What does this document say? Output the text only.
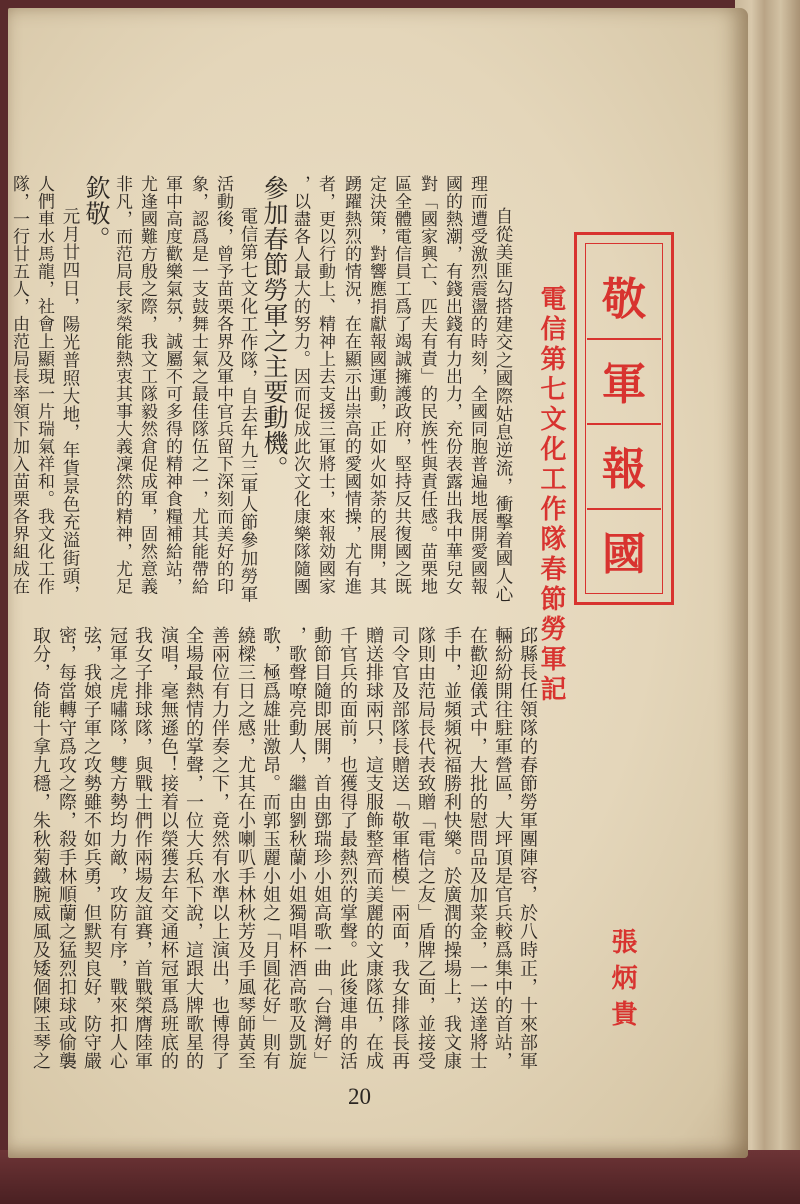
敬
軍
報
國
電信第七文化工作隊春節勞軍記
張炳貴
自從美匪勾搭建交之國際姑息逆流，衝擊着國人心
理而遭受激烈震盪的時刻，全國同胞普遍地展開愛國報
國的熱潮，有錢出錢有力出力，充份表露出我中華兒女
對「國家興亡、匹夫有責」的民族性與責任感。苗栗地
區全體電信員工爲了竭誠擁護政府，堅持反共復國之既
定決策，對響應捐獻報國運動，正如火如荼的展開，其
踴躍熱烈的情況，在在顯示出崇高的愛國情操，尤有進
者，更以行動上、精神上去支援三軍將士，來報効國家
，以盡各人最大的努力。因而促成此次文化康樂隊隨團
參加春節勞軍之主要動機。
電信第七文化工作隊，自去年九三軍人節參加勞軍
活動後，曾予苗栗各界及軍中官兵留下深刻而美好的印
象，認爲是一支鼓舞士氣之最佳隊伍之一，尤其能帶給
軍中高度歡樂氣氛，誠屬不可多得的精神食糧補給站，
尤逢國難方殷之際，我文工隊毅然倉促成軍，固然意義
非凡，而范局長家榮能熱衷其事大義凜然的精神，尤足
欽敬。
元月廿四日，陽光普照大地，年貨景色充溢街頭，
人們車水馬龍，社會上顯現一片瑞氣祥和。我文化工作
隊，一行廿五人，由范局長率領下加入苗栗各界組成在
邱縣長任領隊的春節勞軍團陣容，於八時正，十來部軍
輛紛紛開往駐軍營區，大坪頂是官兵較爲集中的首站，
在歡迎儀式中，大批的慰問品及加菜金，一一送達將士
手中，並頻頻祝福勝利快樂。於廣潤的操場上，我文康
隊則由范局長代表致贈「電信之友」盾牌乙面，並接受
司令官及部隊長贈送「敬軍楷模」兩面，我女排隊長再
贈送排球兩只，這支服飾整齊而美麗的文康隊伍，在成
千官兵的面前，也獲得了最熱烈的掌聲。此後連串的活
動節目隨即展開，首由鄧瑞珍小姐高歌一曲「台灣好」
，歌聲嘹亮動人，繼由劉秋蘭小姐獨唱杯酒高歌及凱旋
歌，極爲雄壯激昂。而郭玉麗小姐之「月圓花好」則有
繞樑三日之感，尤其在小喇叭手林秋芳及手風琴師黃至
善兩位有力伴奏之下，竟然有水準以上演出，也博得了
全場最熱情的掌聲，一位大兵私下說，這跟大牌歌星的
演唱，毫無遜色！接着以榮獲去年交通杯冠軍爲班底的
我女子排球隊，與戰士們作兩場友誼賽，首戰榮膺陸軍
冠軍之虎嘯隊，雙方勢均力敵，攻防有序，戰來扣人心
弦，我娘子軍之攻勢雖不如兵勇，但默契良好，防守嚴
密，每當轉守爲攻之際，殺手林順蘭之猛烈扣球或偷襲
取分，倚能十拿九穩，朱秋菊鐵腕威風及矮個陳玉琴之
20
